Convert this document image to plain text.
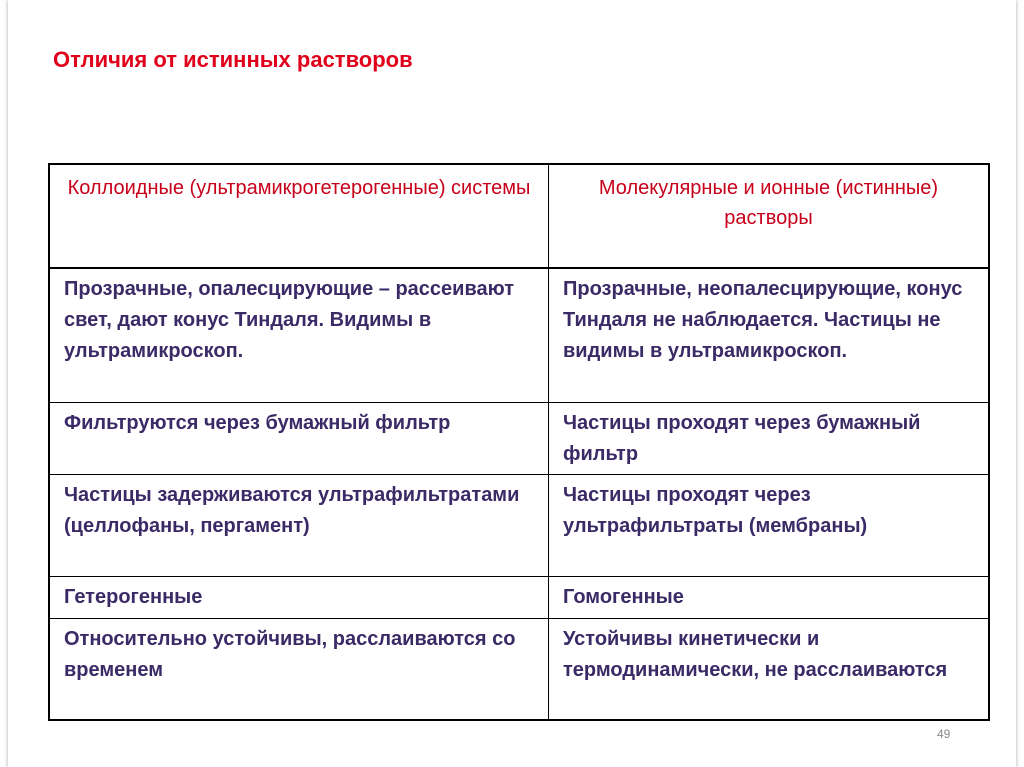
Отличия от истинных растворов
Коллоидные (ультрамикрогетерогенные) системы	Молекулярные и ионные (истинные) растворы
Прозрачные, опалесцирующие – рассеивают свет, дают конус Тиндаля. Видимы в ультрамикроскоп.	Прозрачные, неопалесцирующие, конус Тиндаля не наблюдается. Частицы не видимы в ультрамикроскоп.
Фильтруются через бумажный фильтр	Частицы проходят через бумажный фильтр
Частицы задерживаются ультрафильтратами (целлофаны, пергамент)	Частицы проходят через ультрафильтраты (мембраны)
Гетерогенные	Гомогенные
Относительно устойчивы, расслаиваются со временем	Устойчивы кинетически и термодинамически, не расслаиваются
49
